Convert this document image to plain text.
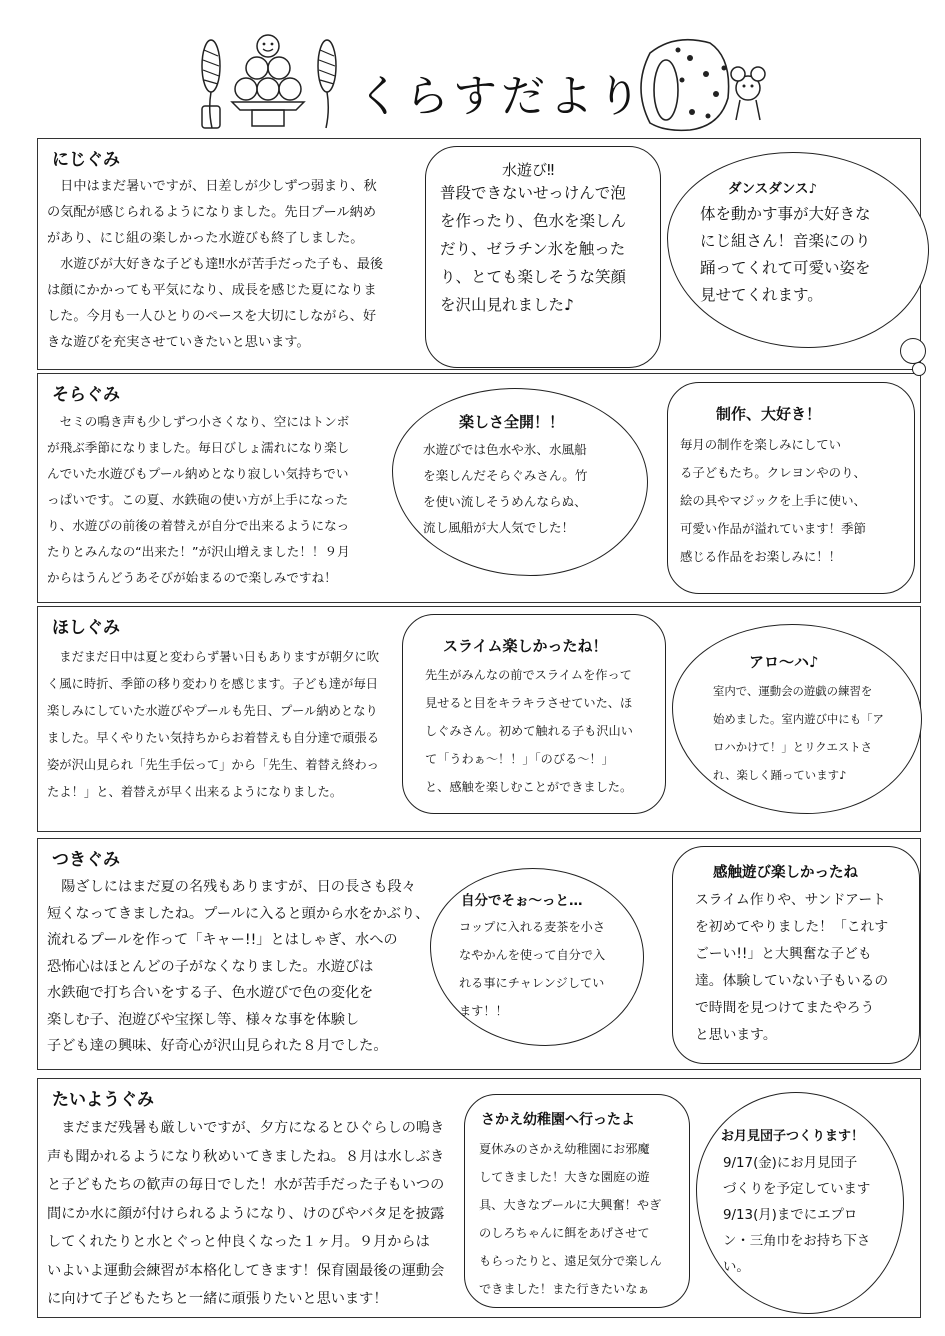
くらすだより
にじぐみ
　日中はまだ暑いですが、日差しが少しずつ弱まり、秋
の気配が感じられるようになりました。先日プール納め
があり、にじ組の楽しかった水遊びも終了しました。
　水遊びが大好きな子ども達‼水が苦手だった子も、最後
は顔にかかっても平気になり、成長を感じた夏になりま
した。今月も一人ひとりのペースを大切にしながら、好
きな遊びを充実させていきたいと思います。
水遊び‼
普段できないせっけんで泡
を作ったり、色水を楽しん
だり、ゼラチン氷を触った
り、とても楽しそうな笑顔
を沢山見れました♪
ダンスダンス♪
体を動かす事が大好きな
にじ組さん！音楽にのり
踊ってくれて可愛い姿を
見せてくれます。
そらぐみ
　セミの鳴き声も少しずつ小さくなり、空にはトンボ
が飛ぶ季節になりました。毎日びしょ濡れになり楽し
んでいた水遊びもプール納めとなり寂しい気持ちでい
っぱいです。この夏、水鉄砲の使い方が上手になった
り、水遊びの前後の着替えが自分で出来るようになっ
たりとみんなの“出来た！”が沢山増えました！！９月
からはうんどうあそびが始まるので楽しみですね！
楽しさ全開！！
水遊びでは色水や氷、水風船
を楽しんだそらぐみさん。竹
を使い流しそうめんならぬ、
流し風船が大人気でした！
制作、大好き！
毎月の制作を楽しみにしてい
る子どもたち。クレヨンやのり、
絵の具やマジックを上手に使い、
可愛い作品が溢れています！季節
感じる作品をお楽しみに！！
ほしぐみ
　まだまだ日中は夏と変わらず暑い日もありますが朝夕に吹
く風に時折、季節の移り変わりを感じます。子ども達が毎日
楽しみにしていた水遊びやプールも先日、プール納めとなり
ました。早くやりたい気持ちからお着替えも自分達で頑張る
姿が沢山見られ「先生手伝って」から「先生、着替え終わっ
たよ！」と、着替えが早く出来るようになりました。
スライム楽しかったね！
先生がみんなの前でスライムを作って
見せると目をキラキラさせていた、ほ
しぐみさん。初めて触れる子も沢山い
て「うわぁ～！！」「のびる～！」
と、感触を楽しむことができました。
アロ～ハ♪
室内で、運動会の遊戯の練習を
始めました。室内遊び中にも「ア
ロハかけて！」とリクエストさ
れ、楽しく踊っています♪
つきぐみ
　陽ざしにはまだ夏の名残もありますが、日の長さも段々
短くなってきましたね。プールに入ると頭から水をかぶり、
流れるプールを作って「キャー!!」とはしゃぎ、水への
恐怖心はほとんどの子がなくなりました。水遊びは
水鉄砲で打ち合いをする子、色水遊びで色の変化を
楽しむ子、泡遊びや宝探し等、様々な事を体験し
子ども達の興味、好奇心が沢山見られた８月でした。
自分でそぉ～っと…
コップに入れる麦茶を小さ
なやかんを使って自分で入
れる事にチャレンジしてい
ます！！
感触遊び楽しかったね
スライム作りや、サンドアート
を初めてやりました！「これす
ごーい!!」と大興奮な子ども
達。体験していない子もいるの
で時間を見つけてまたやろう
と思います。
たいようぐみ
　まだまだ残暑も厳しいですが、夕方になるとひぐらしの鳴き
声も聞かれるようになり秋めいてきましたね。８月は水しぶき
と子どもたちの歓声の毎日でした！水が苦手だった子もいつの
間にか水に顔が付けられるようになり、けのびやバタ足を披露
してくれたりと水とぐっと仲良くなった１ヶ月。９月からは
いよいよ運動会練習が本格化してきます！保育園最後の運動会
に向けて子どもたちと一緒に頑張りたいと思います！
さかえ幼稚園へ行ったよ
夏休みのさかえ幼稚園にお邪魔
してきました！大きな園庭の遊
具、大きなプールに大興奮！やぎ
のしろちゃんに餌をあげさせて
もらったりと、遠足気分で楽しん
できました！また行きたいなぁ
お月見団子つくります！
9/17(金)にお月見団子
づくりを予定しています
9/13(月)までにエプロ
ン・三角巾をお持ち下さ
い。
